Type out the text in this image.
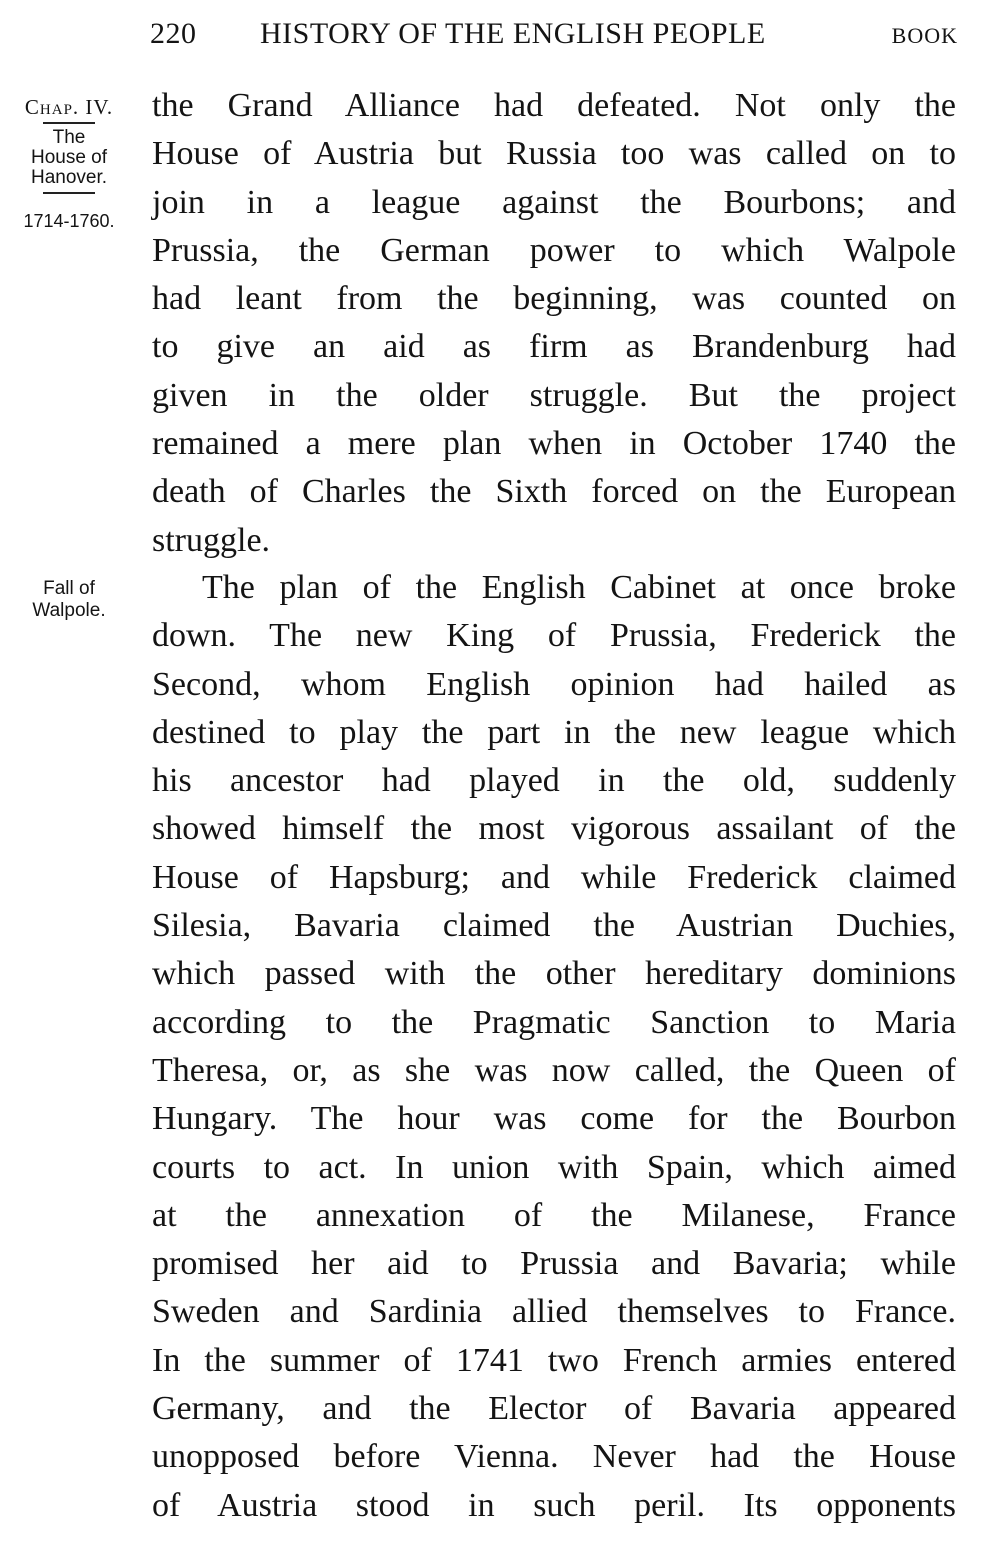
220 HISTORY OF THE ENGLISH PEOPLE	BOOK
Chap. IV.
The
House of
Hanover.
1714-1760.
Fall of
Walpole.
the Grand Alliance had defeated. Not only the
House of Austria but Russia too was called on to
join in a league against the Bourbons; and
Prussia, the German power to which Walpole
had leant from the beginning, was counted on
to give an aid as firm as Brandenburg had
given in the older struggle. But the project
remained a mere plan when in October 1740 the
death of Charles the Sixth forced on the European
struggle.
The plan of the English Cabinet at once broke
down. The new King of Prussia, Frederick the
Second, whom English opinion had hailed as
destined to play the part in the new league which
his ancestor had played in the old, suddenly
showed himself the most vigorous assailant of the
House of Hapsburg; and while Frederick claimed
Silesia, Bavaria claimed the Austrian Duchies,
which passed with the other hereditary dominions
according to the Pragmatic Sanction to Maria
Theresa, or, as she was now called, the Queen of
Hungary. The hour was come for the Bourbon
courts to act. In union with Spain, which aimed
at the annexation of the Milanese, France
promised her aid to Prussia and Bavaria; while
Sweden and Sardinia allied themselves to France.
In the summer of 1741 two French armies entered
Germany, and the Elector of Bavaria appeared
unopposed before Vienna. Never had the House
of Austria stood in such peril. Its opponents
